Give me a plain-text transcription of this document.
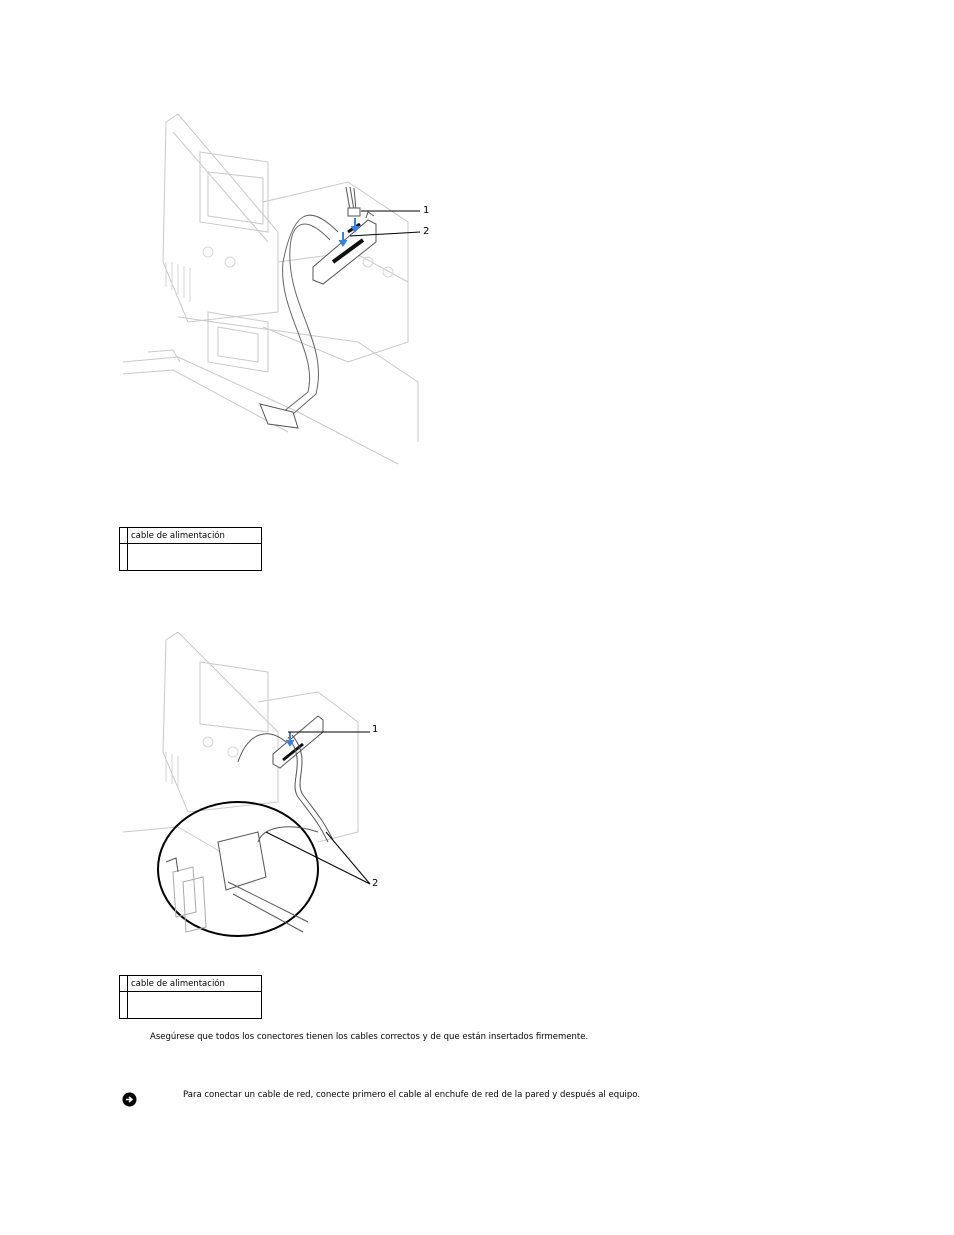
1
2
	cable de alimentación

1
2
	cable de alimentación

Asegúrese que todos los conectores tienen los cables correctos y de que están insertados firmemente.
Para conectar un cable de red, conecte primero el cable al enchufe de red de la pared y después al equipo.
